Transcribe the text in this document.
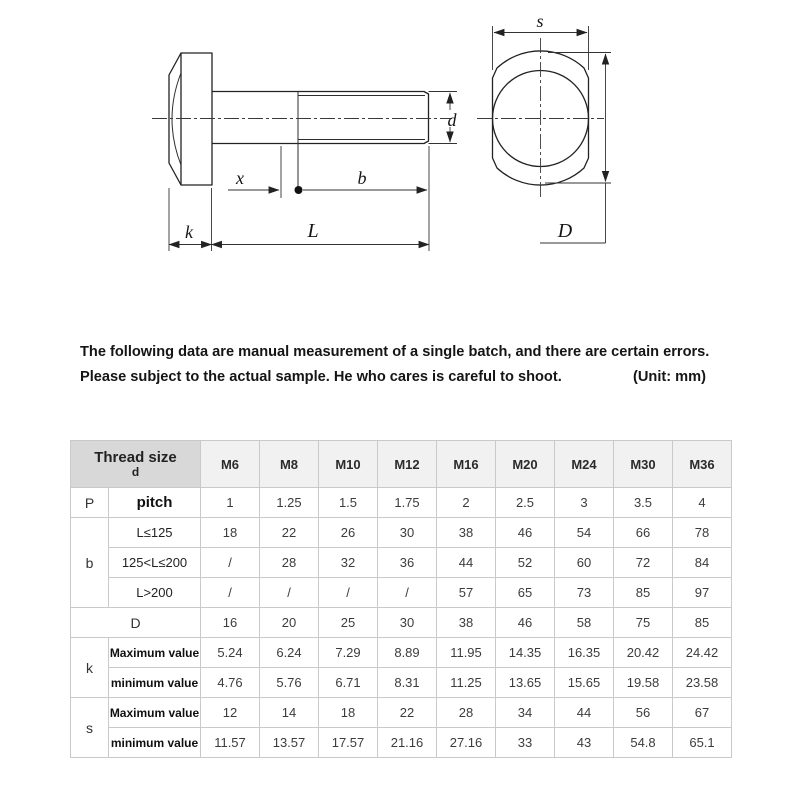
d
x	b
k	L
s
D
The following data are manual measurement of a single batch, and there are certain errors.
Please subject to the actual sample. He who cares is careful to shoot.	(Unit: mm)
Thread size
d		M6	M8	M10	M12	M16	M20	M24	M30	M36
P	pitch	1	1.25	1.5	1.75	2	2.5	3	3.5	4
b	L≤125	18	22	26	30	38	46	54	66	78
	125<L≤200	/	28	32	36	44	52	60	72	84
	L>200	/	/	/	/	57	65	73	85	97
D		16	20	25	30	38	46	58	75	85
k	Maximum value	5.24	6.24	7.29	8.89	11.95	14.35	16.35	20.42	24.42
	minimum value	4.76	5.76	6.71	8.31	11.25	13.65	15.65	19.58	23.58
s	Maximum value	12	14	18	22	28	34	44	56	67
	minimum value	11.57	13.57	17.57	21.16	27.16	33	43	54.8	65.1
